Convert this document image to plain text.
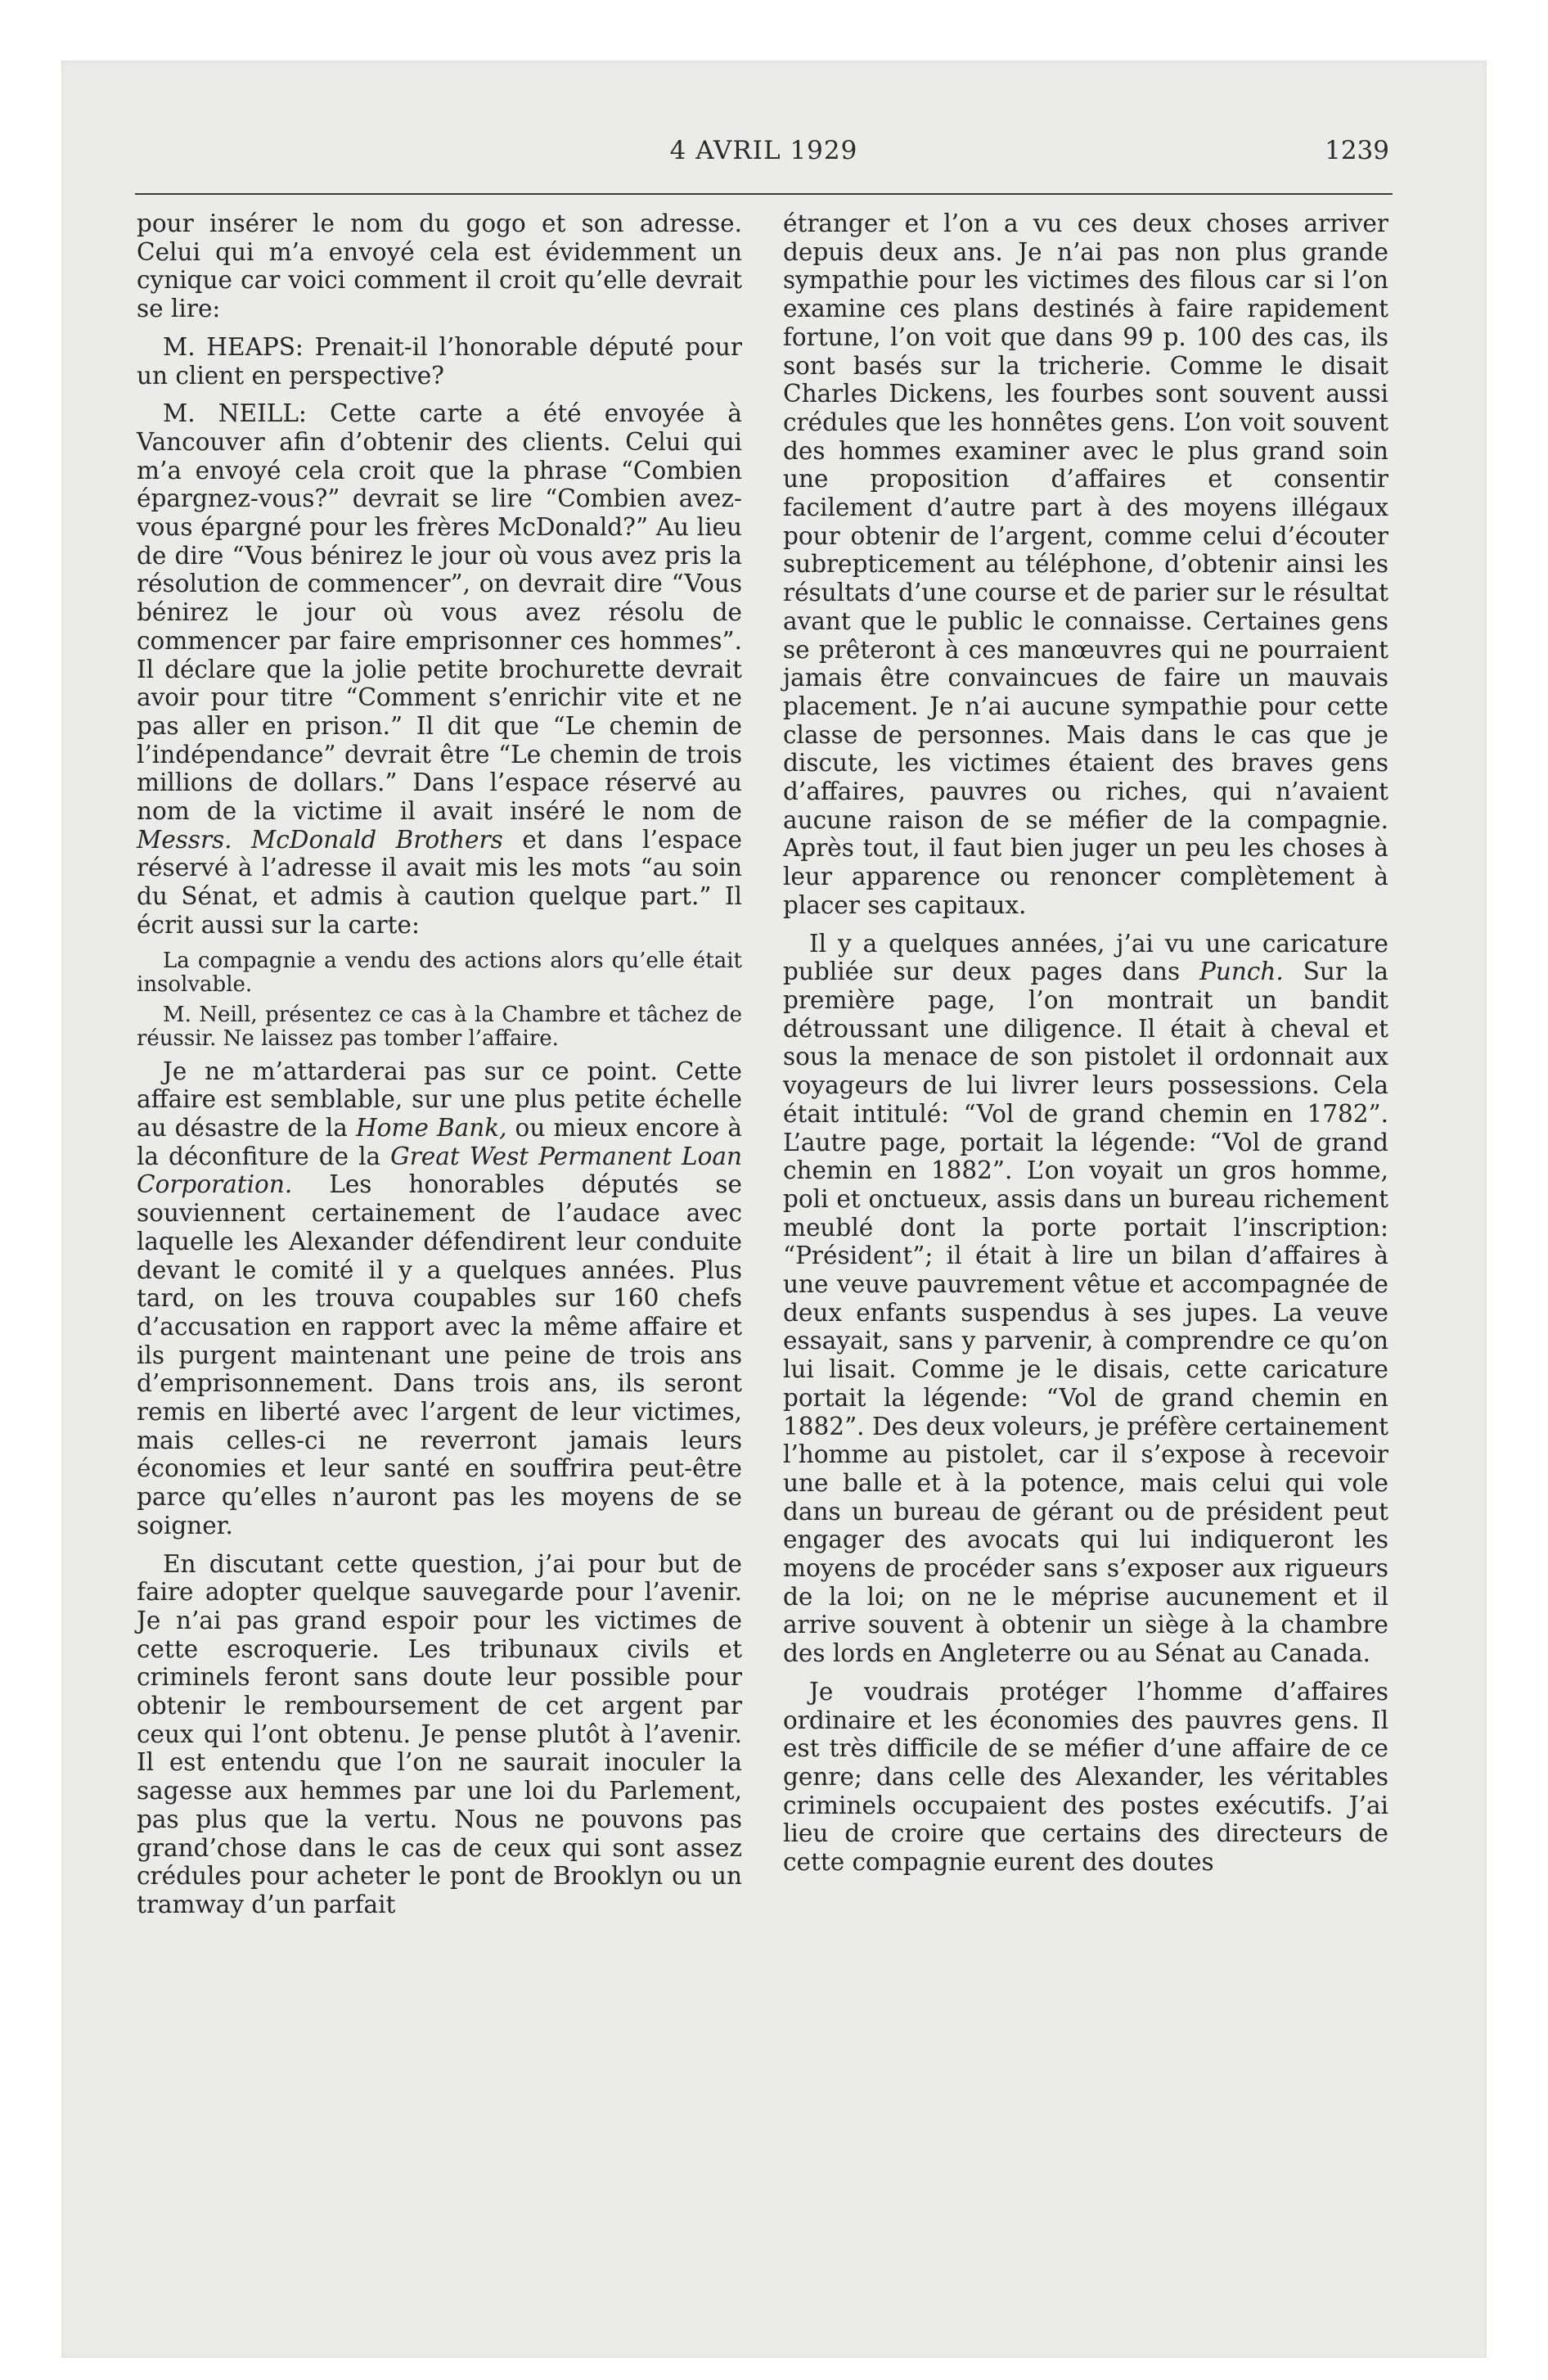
4 AVRIL 1929	1239

pour insérer le nom du gogo et son adresse. Celui qui m’a envoyé cela est évidemment un cynique car voici comment il croit qu’elle devrait se lire:

M. HEAPS: Prenait-il l’honorable député pour un client en perspective?

M. NEILL: Cette carte a été envoyée à Vancouver afin d’obtenir des clients. Celui qui m’a envoyé cela croit que la phrase “Combien épargnez-vous?” devrait se lire “Combien avez-vous épargné pour les frères McDonald?” Au lieu de dire “Vous bénirez le jour où vous avez pris la résolution de commencer”, on devrait dire “Vous bénirez le jour où vous avez résolu de commencer par faire emprisonner ces hommes”. Il déclare que la jolie petite brochurette devrait avoir pour titre “Comment s’enrichir vite et ne pas aller en prison.” Il dit que “Le chemin de l’indépendance” devrait être “Le chemin de trois millions de dollars.” Dans l’espace réservé au nom de la victime il avait inséré le nom de Messrs. McDonald Brothers et dans l’espace réservé à l’adresse il avait mis les mots “au soin du Sénat, et admis à caution quelque part.” Il écrit aussi sur la carte:

La compagnie a vendu des actions alors qu’elle était insolvable.

M. Neill, présentez ce cas à la Chambre et tâchez de réussir. Ne laissez pas tomber l’affaire.

Je ne m’attarderai pas sur ce point. Cette affaire est semblable, sur une plus petite échelle au désastre de la Home Bank, ou mieux encore à la déconfiture de la Great West Permanent Loan Corporation. Les honorables députés se souviennent certainement de l’audace avec laquelle les Alexander défendirent leur conduite devant le comité il y a quelques années. Plus tard, on les trouva coupables sur 160 chefs d’accusation en rapport avec la même affaire et ils purgent maintenant une peine de trois ans d’emprisonnement. Dans trois ans, ils seront remis en liberté avec l’argent de leur victimes, mais celles-ci ne reverront jamais leurs économies et leur santé en souffrira peut-être parce qu’elles n’auront pas les moyens de se soigner.

En discutant cette question, j’ai pour but de faire adopter quelque sauvegarde pour l’avenir. Je n’ai pas grand espoir pour les victimes de cette escroquerie. Les tribunaux civils et criminels feront sans doute leur possible pour obtenir le remboursement de cet argent par ceux qui l’ont obtenu. Je pense plutôt à l’avenir. Il est entendu que l’on ne saurait inoculer la sagesse aux hemmes par une loi du Parlement, pas plus que la vertu. Nous ne pouvons pas grand’chose dans le cas de ceux qui sont assez crédules pour acheter le pont de Brooklyn ou un tramway d’un parfait

étranger et l’on a vu ces deux choses arriver depuis deux ans. Je n’ai pas non plus grande sympathie pour les victimes des filous car si l’on examine ces plans destinés à faire rapidement fortune, l’on voit que dans 99 p. 100 des cas, ils sont basés sur la tricherie. Comme le disait Charles Dickens, les fourbes sont souvent aussi crédules que les honnêtes gens. L’on voit souvent des hommes examiner avec le plus grand soin une proposition d’affaires et consentir facilement d’autre part à des moyens illégaux pour obtenir de l’argent, comme celui d’écouter subrepticement au téléphone, d’obtenir ainsi les résultats d’une course et de parier sur le résultat avant que le public le connaisse. Certaines gens se prêteront à ces manœuvres qui ne pourraient jamais être convaincues de faire un mauvais placement. Je n’ai aucune sympathie pour cette classe de personnes. Mais dans le cas que je discute, les victimes étaient des braves gens d’affaires, pauvres ou riches, qui n’avaient aucune raison de se méfier de la compagnie. Après tout, il faut bien juger un peu les choses à leur apparence ou renoncer complètement à placer ses capitaux.

Il y a quelques années, j’ai vu une caricature publiée sur deux pages dans Punch. Sur la première page, l’on montrait un bandit détroussant une diligence. Il était à cheval et sous la menace de son pistolet il ordonnait aux voyageurs de lui livrer leurs possessions. Cela était intitulé: “Vol de grand chemin en 1782”. L’autre page, portait la légende: “Vol de grand chemin en 1882”. L’on voyait un gros homme, poli et onctueux, assis dans un bureau richement meublé dont la porte portait l’inscription: “Président”; il était à lire un bilan d’affaires à une veuve pauvrement vêtue et accompagnée de deux enfants suspendus à ses jupes. La veuve essayait, sans y parvenir, à comprendre ce qu’on lui lisait. Comme je le disais, cette caricature portait la légende: “Vol de grand chemin en 1882”. Des deux voleurs, je préfère certainement l’homme au pistolet, car il s’expose à recevoir une balle et à la potence, mais celui qui vole dans un bureau de gérant ou de président peut engager des avocats qui lui indiqueront les moyens de procéder sans s’exposer aux rigueurs de la loi; on ne le méprise aucunement et il arrive souvent à obtenir un siège à la chambre des lords en Angleterre ou au Sénat au Canada.

Je voudrais protéger l’homme d’affaires ordinaire et les économies des pauvres gens. Il est très difficile de se méfier d’une affaire de ce genre; dans celle des Alexander, les véritables criminels occupaient des postes exécutifs. J’ai lieu de croire que certains des directeurs de cette compagnie eurent des doutes
